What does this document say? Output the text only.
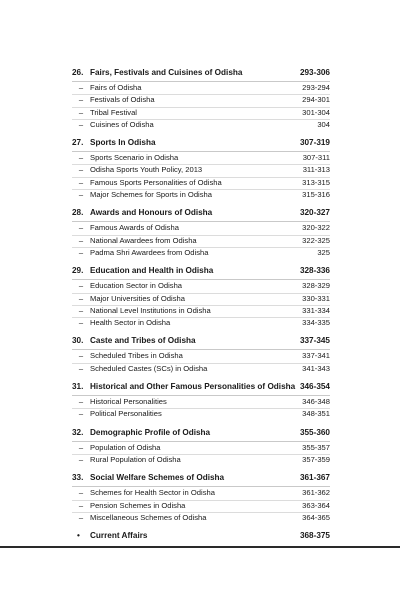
26. Fairs, Festivals and Cuisines of Odisha	293-306
– Fairs of Odisha	293-294
– Festivals of Odisha	294-301
– Tribal Festival	301-304
– Cuisines of Odisha	304
27. Sports In Odisha	307-319
– Sports Scenario in Odisha	307-311
– Odisha Sports Youth Policy, 2013	311-313
– Famous Sports Personalities of Odisha	313-315
– Major Schemes for Sports in Odisha	315-316
28. Awards and Honours of Odisha	320-327
– Famous Awards of Odisha	320-322
– National Awardees from Odisha	322-325
– Padma Shri Awardees from Odisha	325
29. Education and Health in Odisha	328-336
– Education Sector in Odisha	328-329
– Major Universities of Odisha	330-331
– National Level Institutions in Odisha	331-334
– Health Sector in Odisha	334-335
30. Caste and Tribes of Odisha	337-345
– Scheduled Tribes in Odisha	337-341
– Scheduled Castes (SCs) in Odisha	341-343
31. Historical and Other Famous Personalities of Odisha 346-354
– Historical Personalities	346-348
– Political Personalities	348-351
32. Demographic Profile of Odisha	355-360
– Population of Odisha	355-357
– Rural Population of Odisha	357-359
33. Social Welfare Schemes of Odisha	361-367
– Schemes for Health Sector in Odisha	361-362
– Pension Schemes in Odisha	363-364
– Miscellaneous Schemes of Odisha	364-365
•	Current Affairs	368-375
